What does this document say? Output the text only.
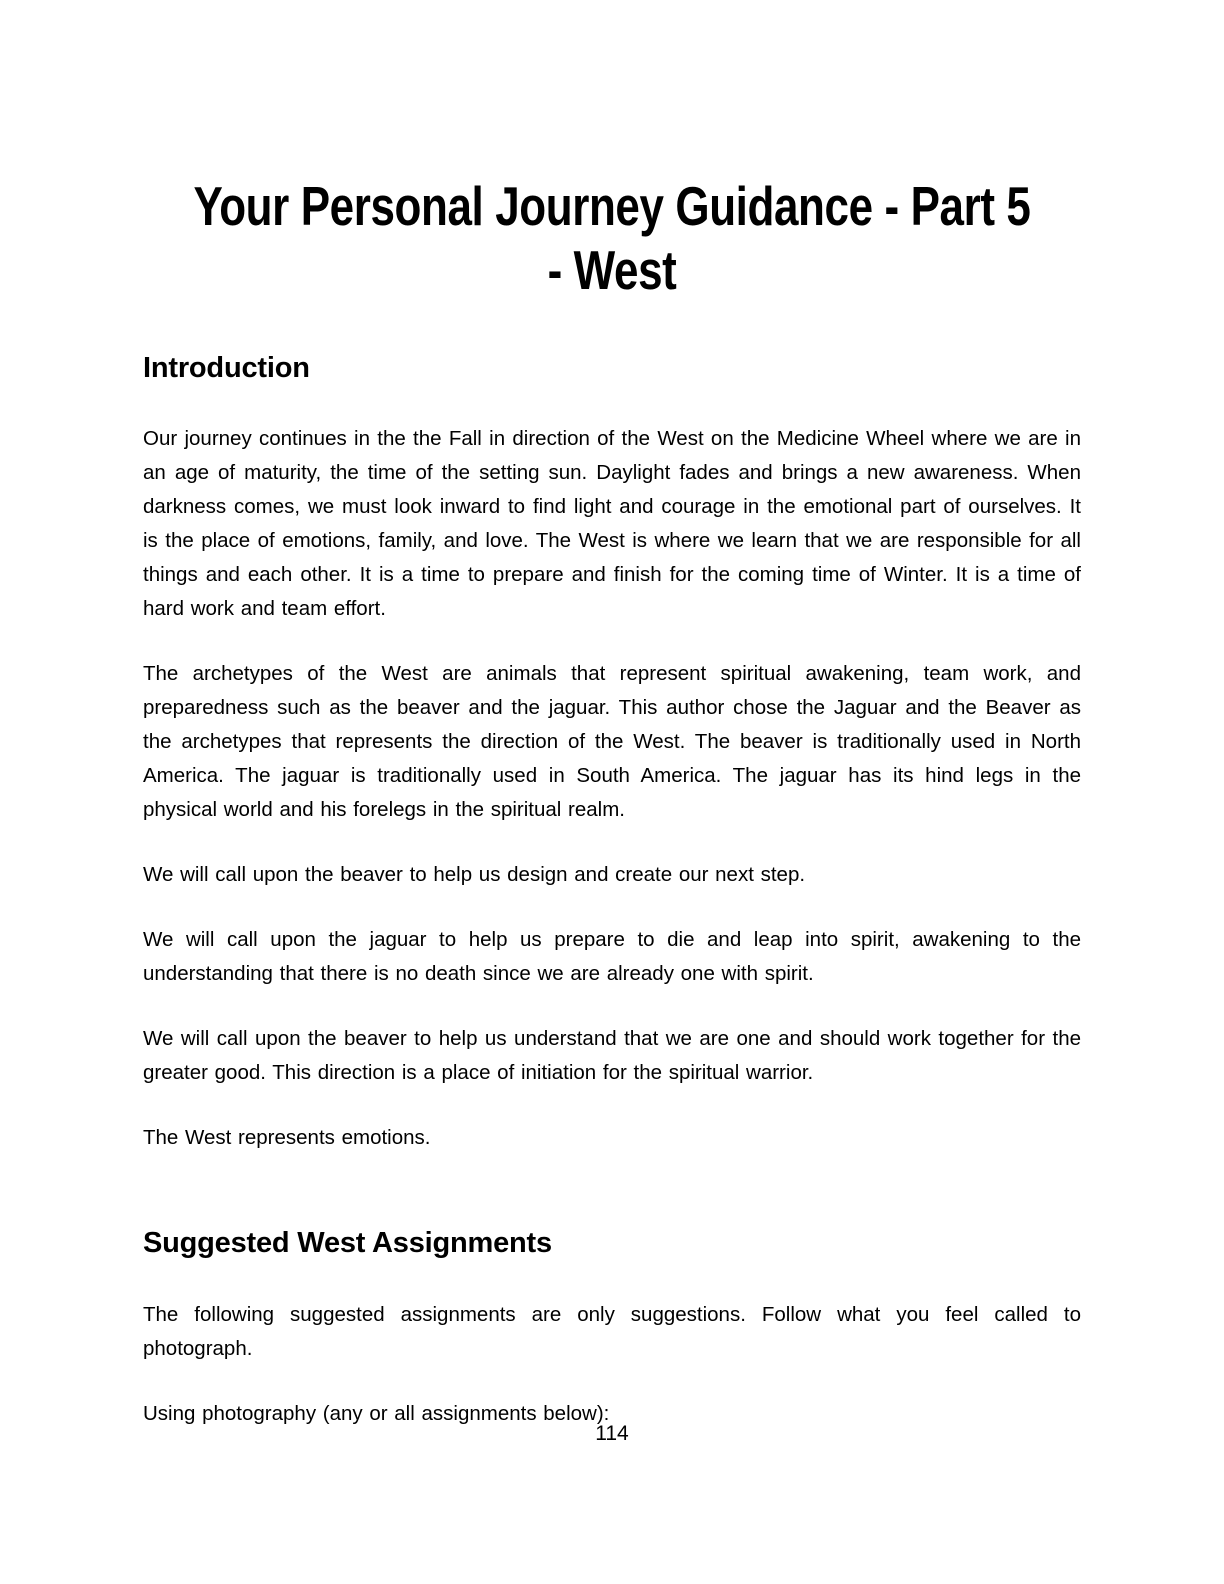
Your Personal Journey Guidance - Part 5
- West
Introduction

Our journey continues in the the Fall in direction of the West on the Medicine Wheel where we are in an age of maturity, the time of the setting sun. Daylight fades and brings a new awareness. When darkness comes, we must look inward to find light and courage in the emotional part of ourselves. It is the place of emotions, family, and love. The West is where we learn that we are responsible for all things and each other. It is a time to prepare and finish for the coming time of Winter. It is a time of hard work and team effort.

The archetypes of the West are animals that represent spiritual awakening, team work, and preparedness such as the beaver and the jaguar. This author chose the Jaguar and the Beaver as the archetypes that represents the direction of the West. The beaver is traditionally used in North America. The jaguar is traditionally used in South America. The jaguar has its hind legs in the physical world and his forelegs in the spiritual realm.

We will call upon the beaver to help us design and create our next step.

We will call upon the jaguar to help us prepare to die and leap into spirit, awakening to the understanding that there is no death since we are already one with spirit.

We will call upon the beaver to help us understand that we are one and should work together for the greater good. This direction is a place of initiation for the spiritual warrior.

The West represents emotions.

Suggested West Assignments

The following suggested assignments are only suggestions. Follow what you feel called to photograph.

Using photography (any or all assignments below):

114
